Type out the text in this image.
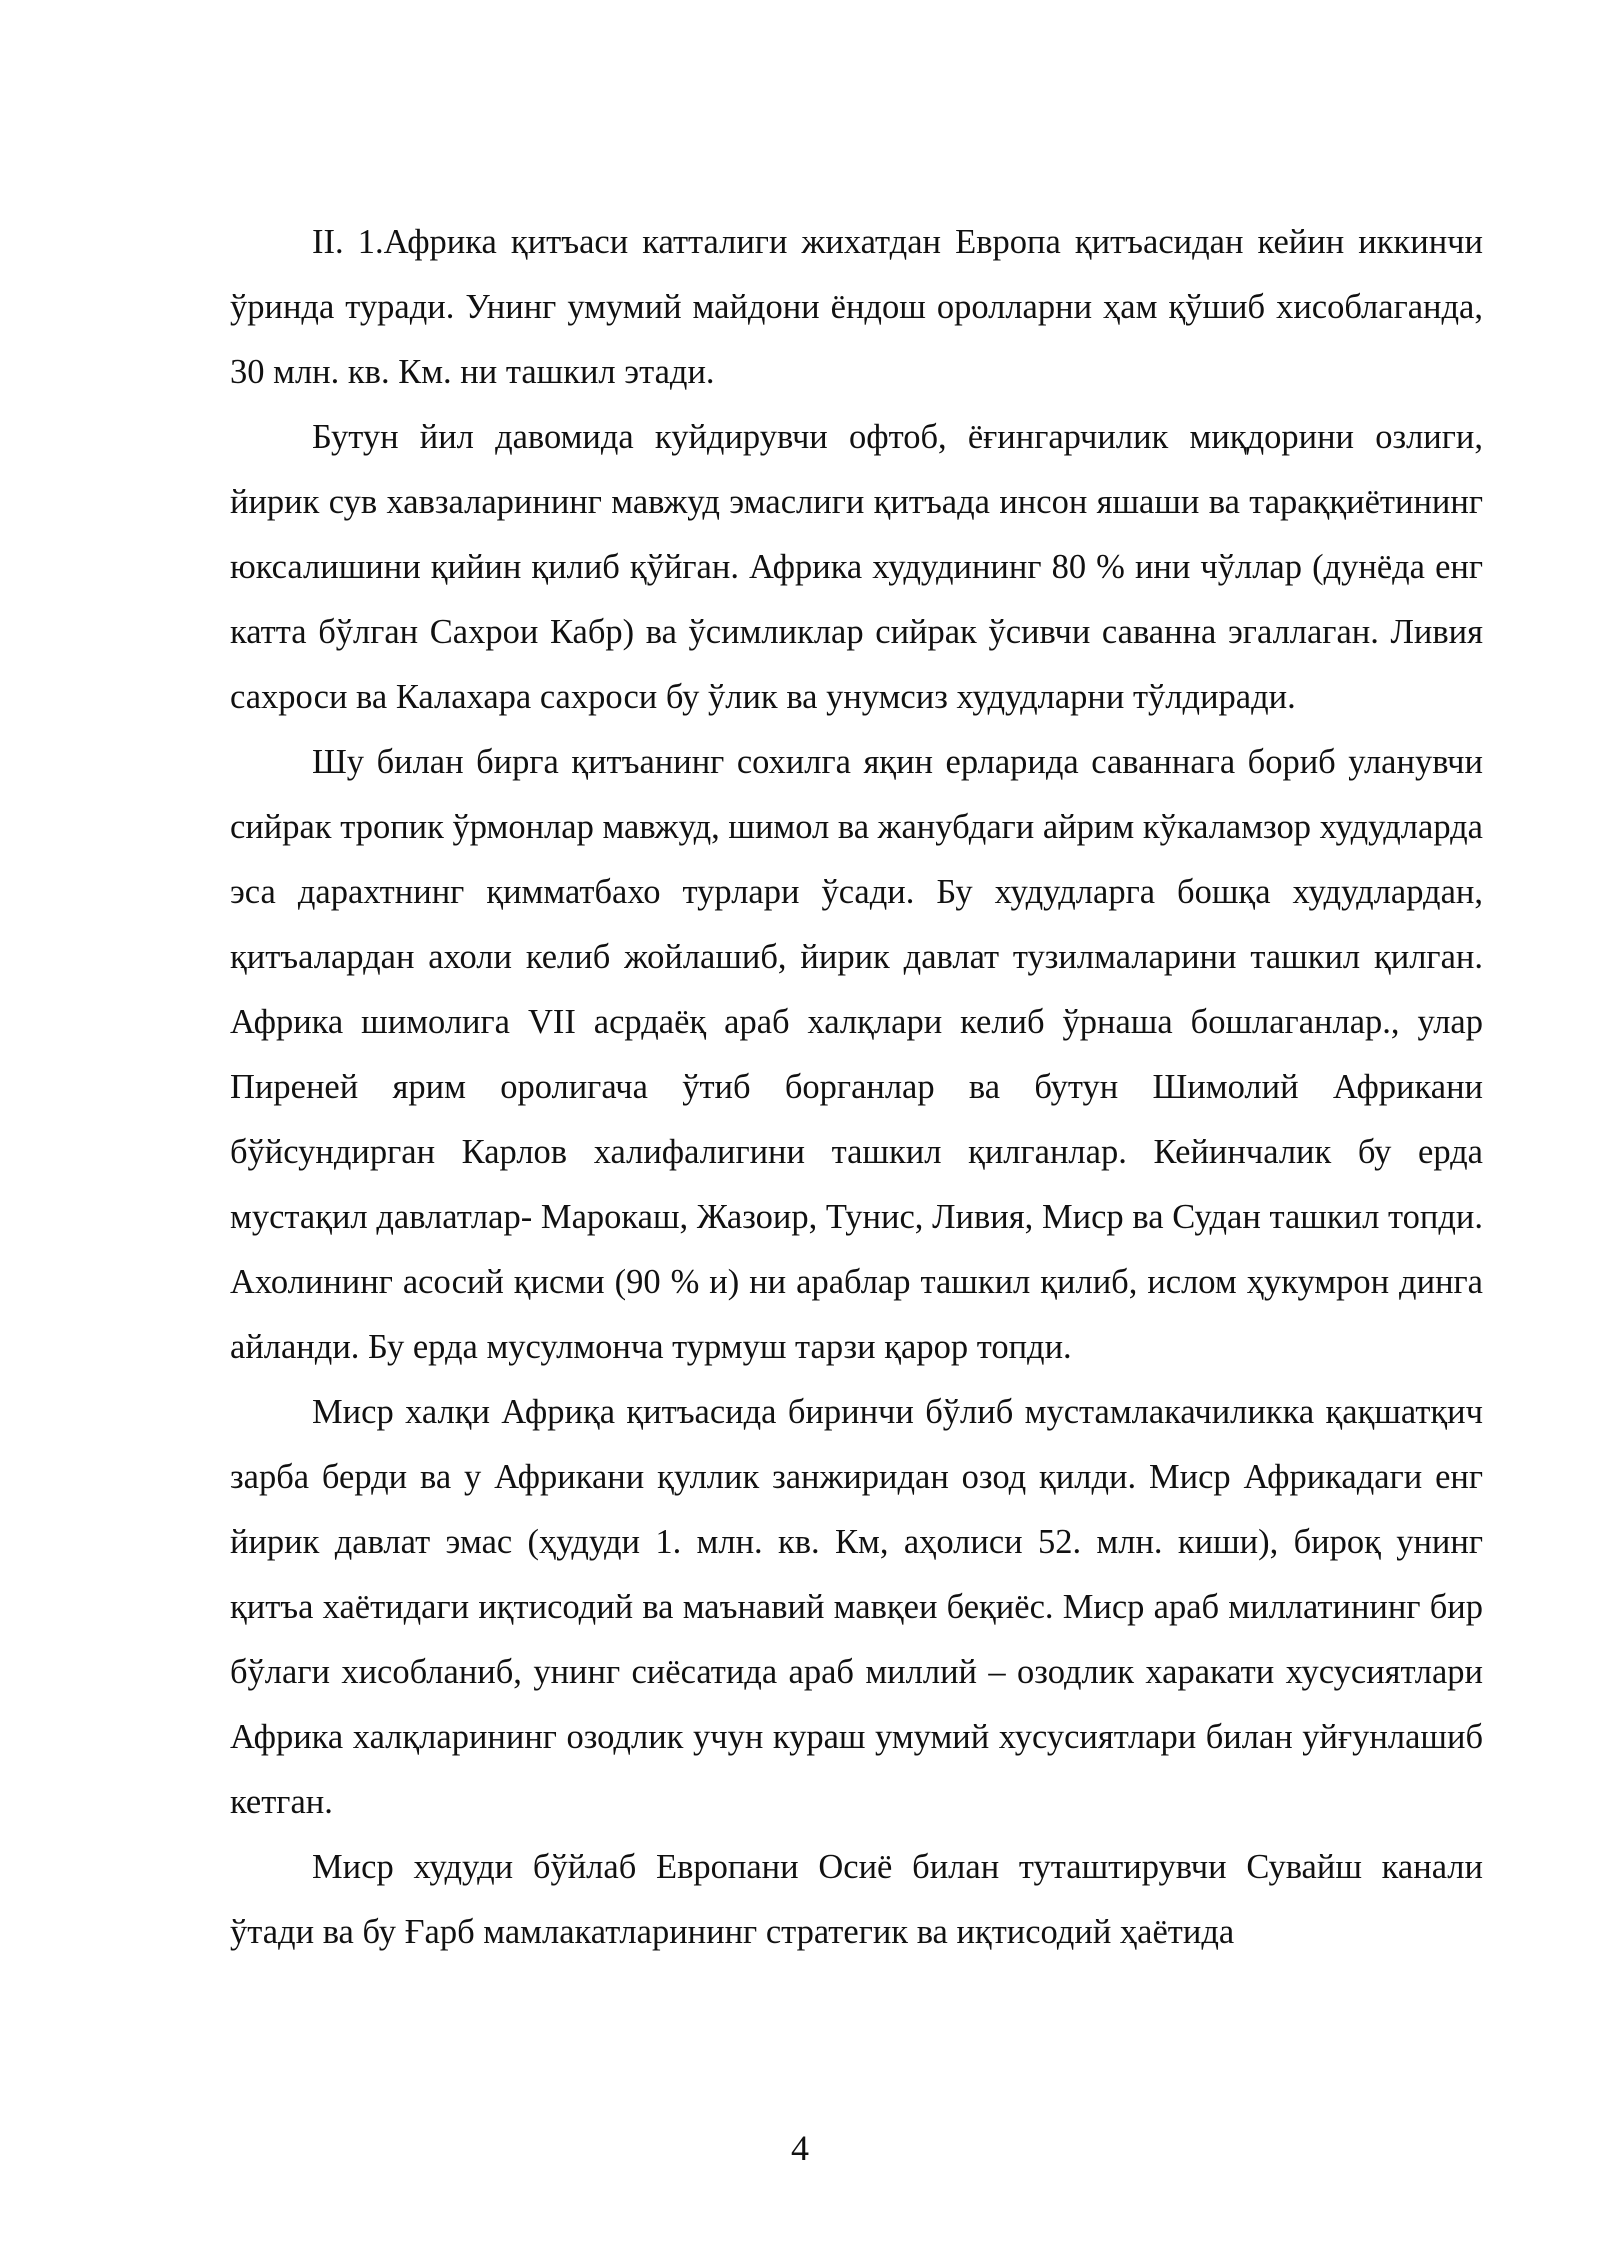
II. 1.Африка қитъаси катталиги жихатдан Европа қитъасидан кейин иккинчи ўринда туради. Унинг умумий майдони ёндош оролларни ҳам қўшиб хисоблаганда, 30 млн. кв. Км. ни ташкил этади.

Бутун йил давомида куйдирувчи офтоб, ёғингарчилик миқдорини озлиги, йирик сув хавзаларининг мавжуд эмаслиги қитъада инсон яшаши ва тараққиётининг юксалишини қийин қилиб қўйган. Африка худудининг 80 % ини чўллар (дунёда енг катта бўлган Сахрои Кабр) ва ўсимликлар сийрак ўсивчи саванна эгаллаган. Ливия сахроси ва Калахара сахроси бу ўлик ва унумсиз худудларни тўлдиради.

Шу билан бирга қитъанинг сохилга яқин ерларида саваннага бориб уланувчи сийрак тропик ўрмонлар мавжуд, шимол ва жанубдаги айрим кўкаламзор худудларда эса дарахтнинг қимматбахо турлари ўсади. Бу худудларга бошқа худудлардан, қитъалардан ахоли келиб жойлашиб, йирик давлат тузилмаларини ташкил қилган. Африка шимолига VII асрдаёқ араб халқлари келиб ўрнаша бошлаганлар., улар Пиреней ярим оролигача ўтиб борганлар ва бутун Шимолий Африкани бўйсундирган Карлов халифалигини ташкил қилганлар. Кейинчалик бу ерда мустақил давлатлар- Марокаш, Жазоир, Тунис, Ливия, Миср ва Судан ташкил топди. Ахолининг асосий қисми (90 % и) ни араблар ташкил қилиб, ислом ҳукумрон динга айланди. Бу ерда мусулмонча турмуш тарзи қарор топди.

Миср халқи Африқа қитъасида биринчи бўлиб мустамлакачиликка қақшатқич зарба берди ва у Африкани қуллик занжиридан озод қилди. Миср Африкадаги енг йирик давлат эмас (ҳудуди 1. млн. кв. Км, аҳолиси 52. млн. киши), бироқ унинг қитъа хаётидаги иқтисодий ва маънавий мавқеи беқиёс. Миср араб миллатининг бир бўлаги хисобланиб, унинг сиёсатида араб миллий – озодлик харакати хусусиятлари Африка халқларининг озодлик учун кураш умумий хусусиятлари билан уйғунлашиб кетган.

Миср худуди бўйлаб Европани Осиё билан туташтирувчи Сувайш канали ўтади ва бу Ғарб мамлакатларининг стратегик ва иқтисодий ҳаётида

4
